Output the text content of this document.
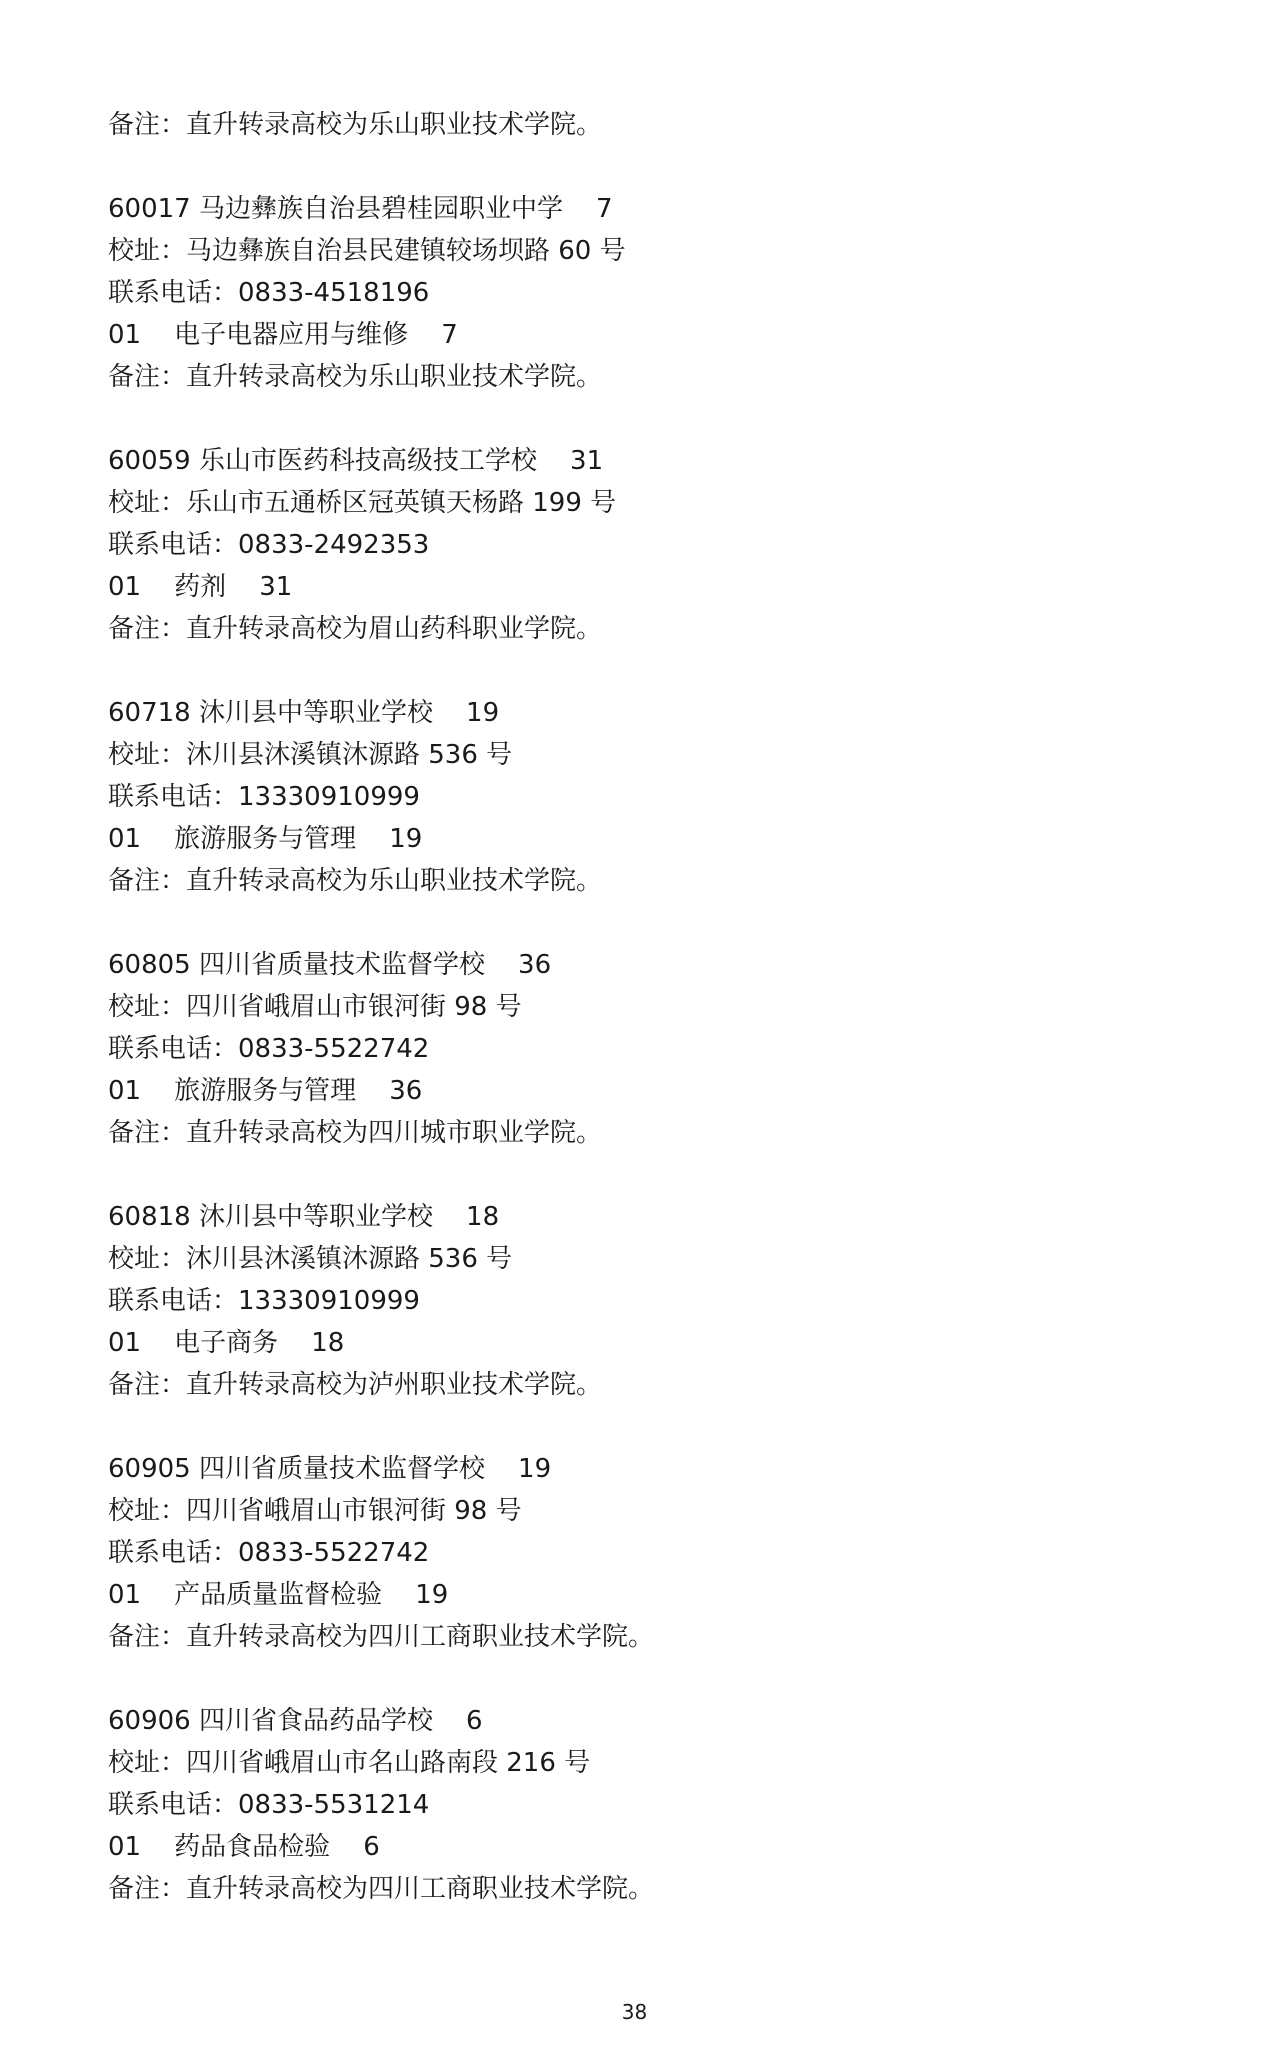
备注：直升转录高校为乐山职业技术学院。
60017 马边彝族自治县碧桂园职业中学    7
校址：马边彝族自治县民建镇较场坝路 60 号
联系电话：0833-4518196
01    电子电器应用与维修    7
备注：直升转录高校为乐山职业技术学院。
60059 乐山市医药科技高级技工学校    31
校址：乐山市五通桥区冠英镇天杨路 199 号
联系电话：0833-2492353
01    药剂    31
备注：直升转录高校为眉山药科职业学院。
60718 沐川县中等职业学校    19
校址：沐川县沐溪镇沐源路 536 号
联系电话：13330910999
01    旅游服务与管理    19
备注：直升转录高校为乐山职业技术学院。
60805 四川省质量技术监督学校    36
校址：四川省峨眉山市银河街 98 号
联系电话：0833-5522742
01    旅游服务与管理    36
备注：直升转录高校为四川城市职业学院。
60818 沐川县中等职业学校    18
校址：沐川县沐溪镇沐源路 536 号
联系电话：13330910999
01    电子商务    18
备注：直升转录高校为泸州职业技术学院。
60905 四川省质量技术监督学校    19
校址：四川省峨眉山市银河街 98 号
联系电话：0833-5522742
01    产品质量监督检验    19
备注：直升转录高校为四川工商职业技术学院。
60906 四川省食品药品学校    6
校址：四川省峨眉山市名山路南段 216 号
联系电话：0833-5531214
01    药品食品检验    6
备注：直升转录高校为四川工商职业技术学院。
38
